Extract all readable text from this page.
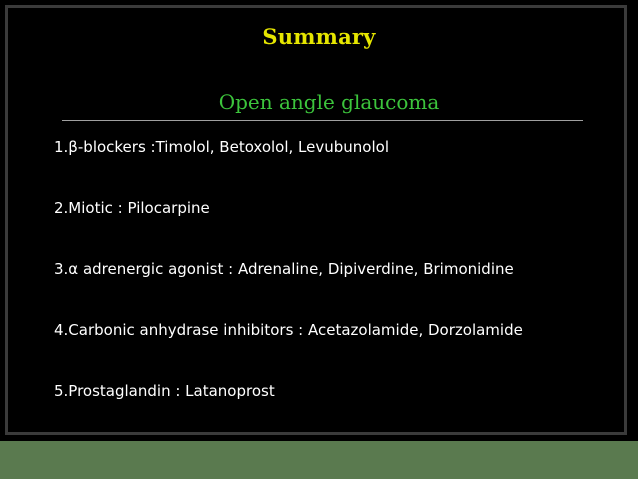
Summary
Open angle glaucoma
1.β-blockers :Timolol, Betoxolol, Levubunolol
2.Miotic : Pilocarpine
3.α adrenergic agonist : Adrenaline, Dipiverdine, Brimonidine
4.Carbonic anhydrase inhibitors : Acetazolamide, Dorzolamide
5.Prostaglandin : Latanoprost
